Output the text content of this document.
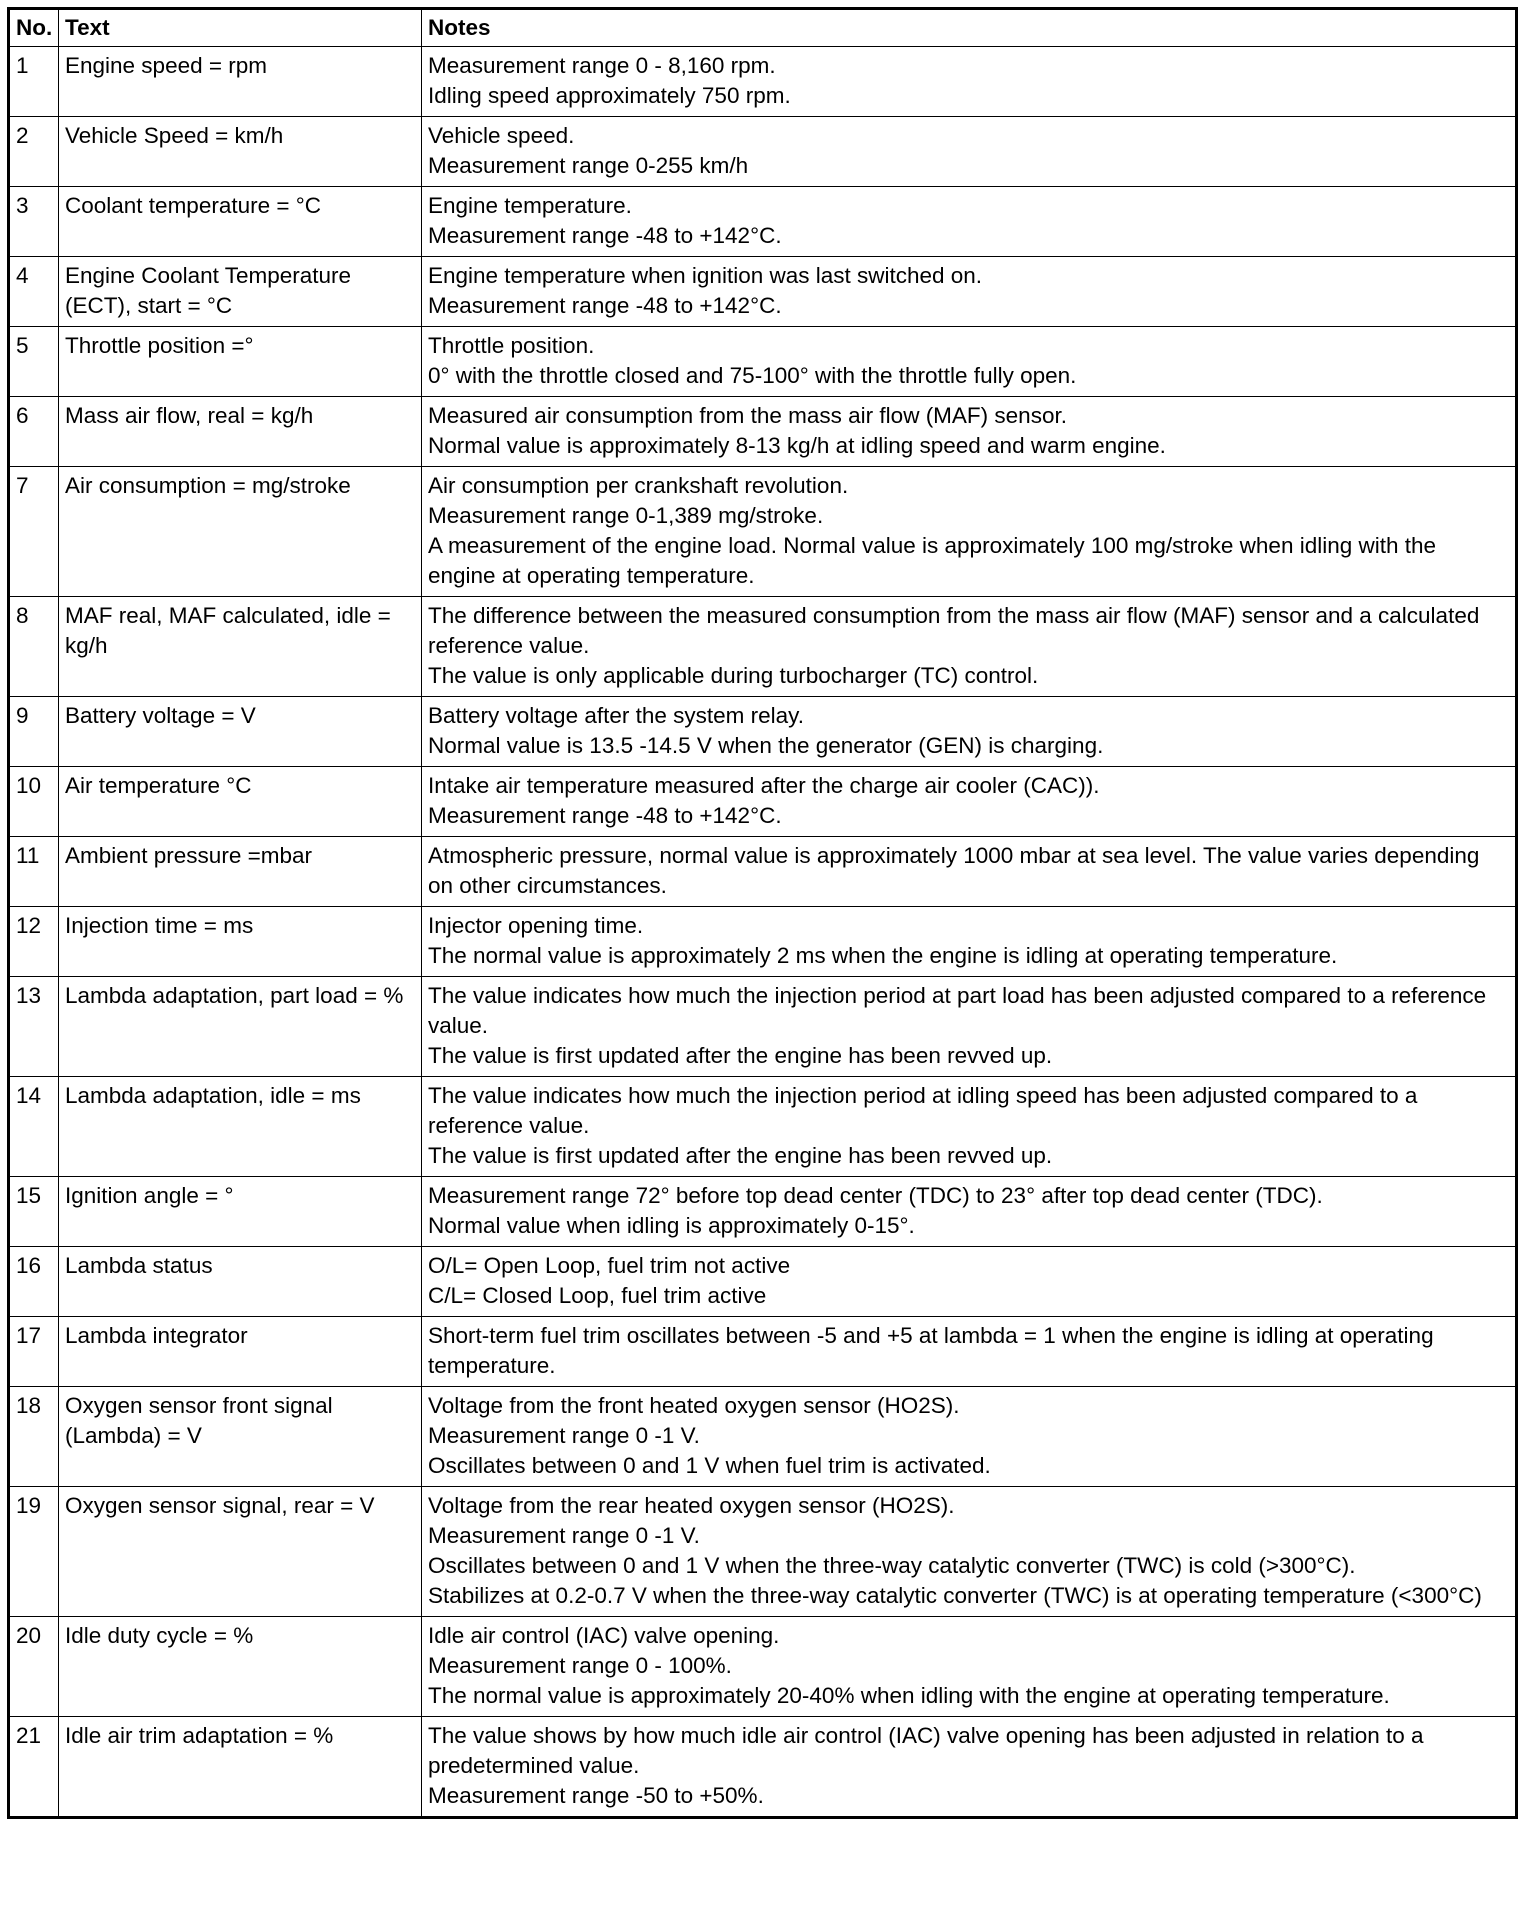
No.	Text	Notes
1	Engine speed = rpm	Measurement range 0 - 8,160 rpm.
Idling speed approximately 750 rpm.

2	Vehicle Speed = km/h	Vehicle speed.
Measurement range 0-255 km/h

3	Coolant temperature = °C	Engine temperature.
Measurement range -48 to +142°C.

4	Engine Coolant Temperature (ECT), start = °C	Engine temperature when ignition was last switched on.
Measurement range -48 to +142°C.

5	Throttle position =°	Throttle position.
0° with the throttle closed and 75-100° with the throttle fully open.

6	Mass air flow, real = kg/h	Measured air consumption from the mass air flow (MAF) sensor.
Normal value is approximately 8-13 kg/h at idling speed and warm engine.

7	Air consumption = mg/stroke	Air consumption per crankshaft revolution.
Measurement range 0-1,389 mg/stroke.
A measurement of the engine load. Normal value is approximately 100 mg/stroke when idling with the engine at operating temperature.

8	MAF real, MAF calculated, idle = kg/h	The difference between the measured consumption from the mass air flow (MAF) sensor and a calculated reference value.
The value is only applicable during turbocharger (TC) control.

9	Battery voltage = V	Battery voltage after the system relay.
Normal value is 13.5 -14.5 V when the generator (GEN) is charging.

10	Air temperature °C	Intake air temperature measured after the charge air cooler (CAC)).
Measurement range -48 to +142°C.

11	Ambient pressure =mbar	Atmospheric pressure, normal value is approximately 1000 mbar at sea level. The value varies depending on other circumstances.

12	Injection time = ms	Injector opening time.
The normal value is approximately 2 ms when the engine is idling at operating temperature.

13	Lambda adaptation, part load = %	The value indicates how much the injection period at part load has been adjusted compared to a reference value.
The value is first updated after the engine has been revved up.

14	Lambda adaptation, idle = ms	The value indicates how much the injection period at idling speed has been adjusted compared to a reference value.
The value is first updated after the engine has been revved up.

15	Ignition angle = °	Measurement range 72° before top dead center (TDC) to 23° after top dead center (TDC).
Normal value when idling is approximately 0-15°.

16	Lambda status	O/L= Open Loop, fuel trim not active
C/L= Closed Loop, fuel trim active

17	Lambda integrator	Short-term fuel trim oscillates between -5 and +5 at lambda = 1 when the engine is idling at operating temperature.

18	Oxygen sensor front signal (Lambda) = V	Voltage from the front heated oxygen sensor (HO2S).
Measurement range 0 -1 V.
Oscillates between 0 and 1 V when fuel trim is activated.

19	Oxygen sensor signal, rear = V	Voltage from the rear heated oxygen sensor (HO2S).
Measurement range 0 -1 V.
Oscillates between 0 and 1 V when the three-way catalytic converter (TWC) is cold (>300°C).
Stabilizes at 0.2-0.7 V when the three-way catalytic converter (TWC) is at operating temperature (<300°C)

20	Idle duty cycle = %	Idle air control (IAC) valve opening.
Measurement range 0 - 100%.
The normal value is approximately 20-40% when idling with the engine at operating temperature.

21	Idle air trim adaptation = %	The value shows by how much idle air control (IAC) valve opening has been adjusted in relation to a predetermined value.
Measurement range -50 to +50%.
